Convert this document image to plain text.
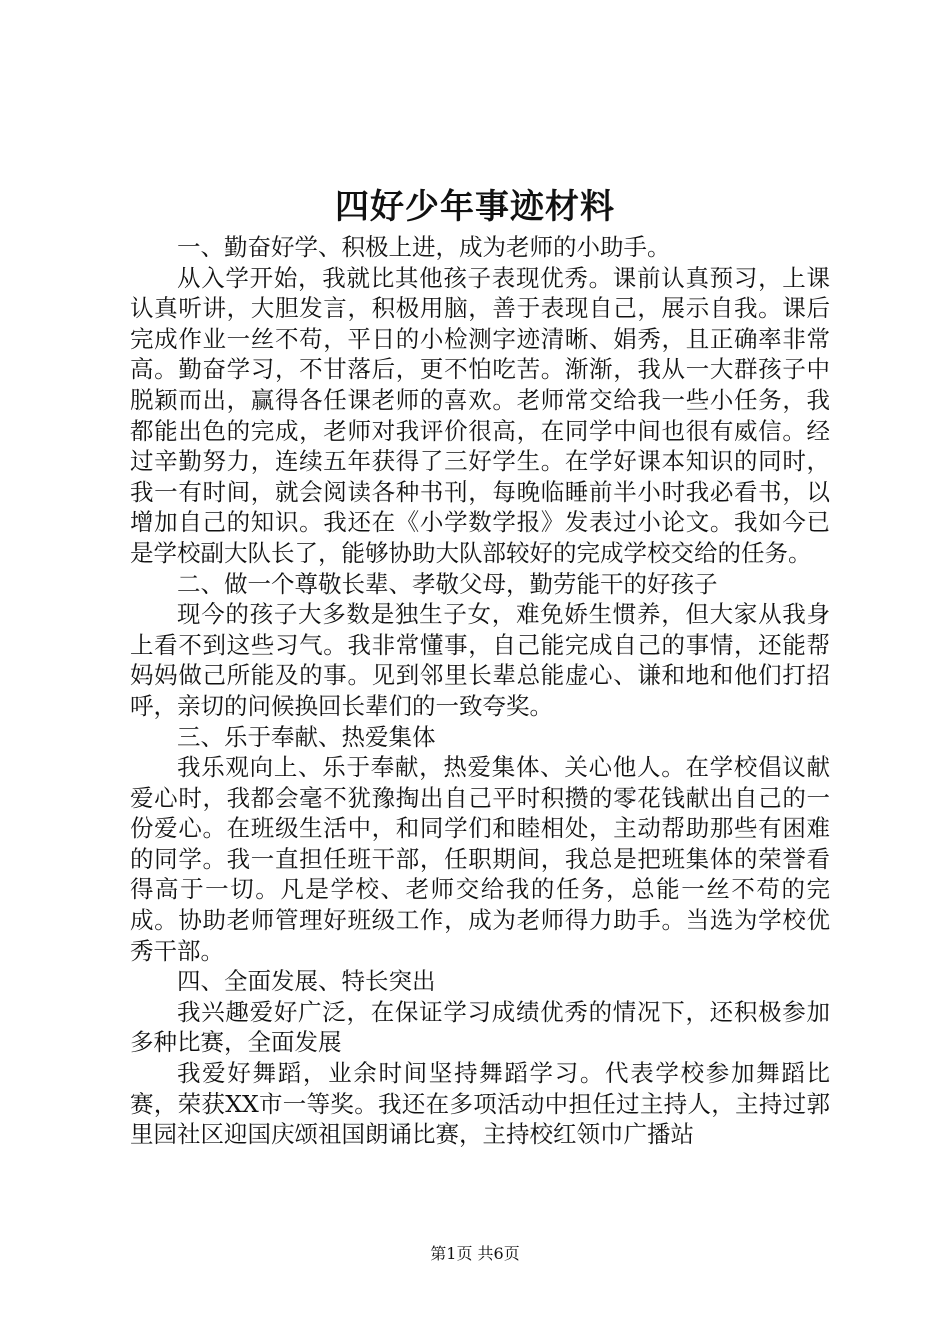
四好少年事迹材料

一、勤奋好学、积极上进，成为老师的小助手。

从入学开始，我就比其他孩子表现优秀。课前认真预习，上课认真听讲，大胆发言，积极用脑，善于表现自己，展示自我。课后完成作业一丝不苟，平日的小检测字迹清晰、娟秀，且正确率非常高。勤奋学习，不甘落后，更不怕吃苦。渐渐，我从一大群孩子中脱颖而出，赢得各任课老师的喜欢。老师常交给我一些小任务，我都能出色的完成，老师对我评价很高，在同学中间也很有威信。经过辛勤努力，连续五年获得了三好学生。在学好课本知识的同时，我一有时间，就会阅读各种书刊，每晚临睡前半小时我必看书，以增加自己的知识。我还在《小学数学报》发表过小论文。我如今已是学校副大队长了，能够协助大队部较好的完成学校交给的任务。

二、做一个尊敬长辈、孝敬父母，勤劳能干的好孩子

现今的孩子大多数是独生子女，难免娇生惯养，但大家从我身上看不到这些习气。我非常懂事，自己能完成自己的事情，还能帮妈妈做己所能及的事。见到邻里长辈总能虚心、谦和地和他们打招呼，亲切的问候换回长辈们的一致夸奖。

三、乐于奉献、热爱集体

我乐观向上、乐于奉献，热爱集体、关心他人。在学校倡议献爱心时，我都会毫不犹豫掏出自己平时积攒的零花钱献出自己的一份爱心。在班级生活中，和同学们和睦相处，主动帮助那些有困难的同学。我一直担任班干部，任职期间，我总是把班集体的荣誉看得高于一切。凡是学校、老师交给我的任务，总能一丝不苟的完成。协助老师管理好班级工作，成为老师得力助手。当选为学校优秀干部。

四、全面发展、特长突出

我兴趣爱好广泛，在保证学习成绩优秀的情况下，还积极参加多种比赛，全面发展

我爱好舞蹈，业余时间坚持舞蹈学习。代表学校参加舞蹈比赛，荣获XX市一等奖。我还在多项活动中担任过主持人，主持过郭里园社区迎国庆颂祖国朗诵比赛，主持校红领巾广播站

第1页 共6页
